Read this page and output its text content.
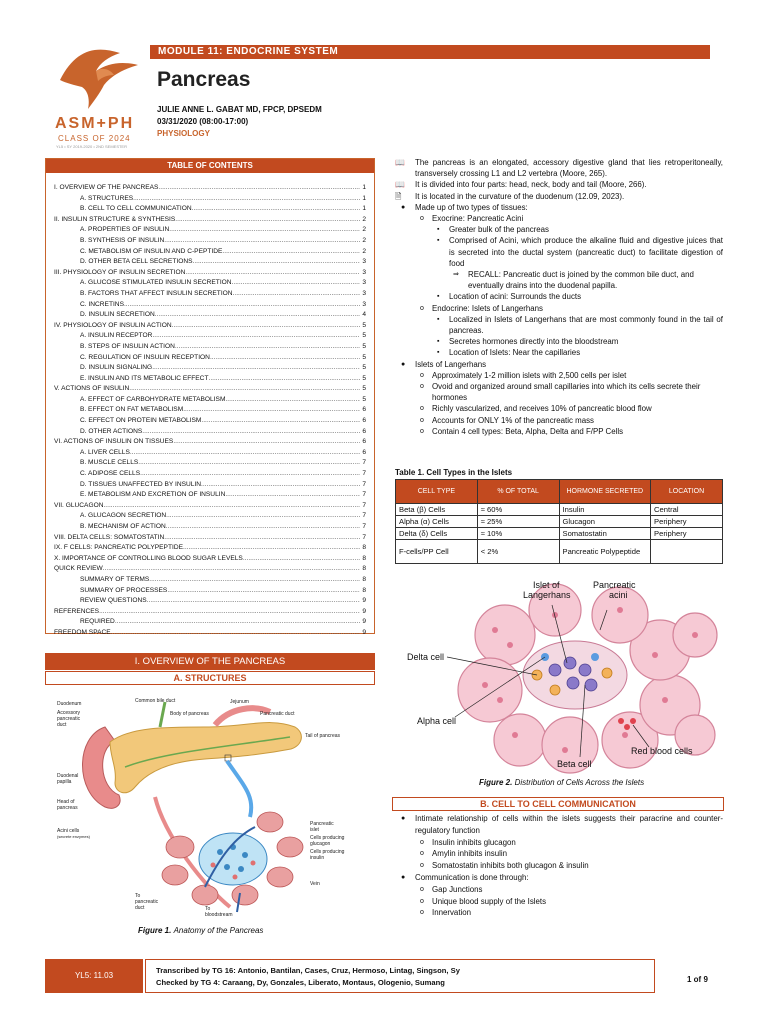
ASM+PH
CLASS OF 2024
YL5 • SY 2019-2020 • 2ND SEMESTER
MODULE 11: ENDOCRINE SYSTEM
Pancreas
JULIE ANNE L. GABAT MD, FPCP, DPSEDM
03/31/2020 (08:00-17:00)
PHYSIOLOGY
TABLE OF CONTENTS
I. OVERVIEW OF THE PANCREAS .....	1
A. STRUCTURES .....	1
B. CELL TO CELL COMMUNICATION .....	1
II. INSULIN STRUCTURE & SYNTHESIS .....	2
A. PROPERTIES OF INSULIN .....	2
B. SYNTHESIS OF INSULIN .....	2
C. METABOLISM OF INSULIN AND C-PEPTIDE .....	2
D. OTHER BETA CELL SECRETIONS .....	3
III. PHYSIOLOGY OF INSULIN SECRETION .....	3
A. GLUCOSE STIMULATED INSULIN SECRETION .....	3
B. FACTORS THAT AFFECT INSULIN SECRETION .....	3
C. INCRETINS .....	3
D. INSULIN SECRETION .....	4
IV. PHYSIOLOGY OF INSULIN ACTION .....	5
A. INSULIN RECEPTOR .....	5
B. STEPS OF INSULIN ACTION .....	5
C. REGULATION OF INSULIN RECEPTION .....	5
D. INSULIN SIGNALING .....	5
E. INSULIN AND ITS METABOLIC EFFECT .....	5
V. ACTIONS OF INSULIN .....	5
A. EFFECT OF CARBOHYDRATE METABOLISM .....	5
B. EFFECT ON FAT METABOLISM .....	6
C. EFFECT ON PROTEIN METABOLISM .....	6
D. OTHER ACTIONS .....	6
VI. ACTIONS OF INSULIN ON TISSUES .....	6
A. LIVER CELLS .....	6
B. MUSCLE CELLS .....	7
C. ADIPOSE CELLS .....	7
D. TISSUES UNAFFECTED BY INSULIN .....	7
E. METABOLISM AND EXCRETION OF INSULIN .....	7
VII. GLUCAGON .....	7
A. GLUCAGON SECRETION .....	7
B. MECHANISM OF ACTION .....	7
VIII. DELTA CELLS: SOMATOSTATIN .....	7
IX. F CELLS: PANCREATIC POLYPEPTIDE .....	8
X. IMPORTANCE OF CONTROLLING BLOOD SUGAR LEVELS .....	8
QUICK REVIEW .....	8
SUMMARY OF TERMS .....	8
SUMMARY OF PROCESSES .....	8
REVIEW QUESTIONS .....	9
REFERENCES .....	9
REQUIRED .....	9
FREEDOM SPACE .....	9
I. OVERVIEW OF THE PANCREAS
A. STRUCTURES
Duodenum
Accessory
pancreatic
duct
Common bile duct
Body of pancreas
Jejunum
Pancreatic duct
Tail of pancreas
Duodenal
papilla
Head of
pancreas
Acini cells
(secrete enzymes)
Pancreatic
islet
Cells producing
glucagon
Cells producing
insulin
Vein
To
pancreatic
duct	To
bloodstream
Figure 1. Anatomy of the Pancreas
📖 The pancreas is an elongated, accessory digestive gland that lies retroperitoneally, transversely crossing L1 and L2 vertebra (Moore, 265).
📖 It is divided into four parts: head, neck, body and tail (Moore, 266).
🗎 It is located in the curvature of the duodenum (12.09, 2023).
● Made up of two types of tissues:
o Exocrine: Pancreatic Acini
▪ Greater bulk of the pancreas
▪ Comprised of Acini, which produce the alkaline fluid and digestive juices that is secreted into the ductal system (pancreatic duct) to facilitate digestion of food
⇒ RECALL: Pancreatic duct is joined by the common bile duct, and eventually drains into the duodenal papilla.
▪ Location of acini: Surrounds the ducts
o Endocrine: Islets of Langerhans
▪ Localized in Islets of Langerhans that are most commonly found in the tail of pancreas.
▪ Secretes hormones directly into the bloodstream
▪ Location of Islets: Near the capillaries
● Islets of Langerhans
o Approximately 1-2 million islets with 2,500 cells per islet
o Ovoid and organized around small capillaries into which its cells secrete their hormones
o Richly vascularized, and receives 10% of pancreatic blood flow
o Accounts for ONLY 1% of the pancreatic mass
o Contain 4 cell types: Beta, Alpha, Delta and F/PP Cells
Table 1. Cell Types in the Islets
CELL TYPE	% OF TOTAL	HORMONE SECRETED	LOCATION
Beta (β) Cells	≈ 60%	Insulin	Central
Alpha (α) Cells	≈ 25%	Glucagon	Periphery
Delta (δ) Cells	≈ 10%	Somatostatin	Periphery
F-cells/PP Cell	< 2%	Pancreatic Polypeptide	
Islet of
Langerhans
Pancreatic
acini
Delta cell
Alpha cell
Beta cell
Red blood cells
Figure 2. Distribution of Cells Across the Islets
B. CELL TO CELL COMMUNICATION
● Intimate relationship of cells within the islets suggests their paracrine and counter-regulatory function
o Insulin inhibits glucagon
o Amylin inhibits insulin
o Somatostatin inhibits both glucagon & insulin
● Communication is done through:
o Gap Junctions
o Unique blood supply of the Islets
o Innervation
YL5: 11.03
Transcribed by TG 16: Antonio, Bantilan, Cases, Cruz, Hermoso, Lintag, Singson, Sy
Checked by TG 4: Caraang, Dy, Gonzales, Liberato, Montaus, Ologenio, Sumang	1 of 9
